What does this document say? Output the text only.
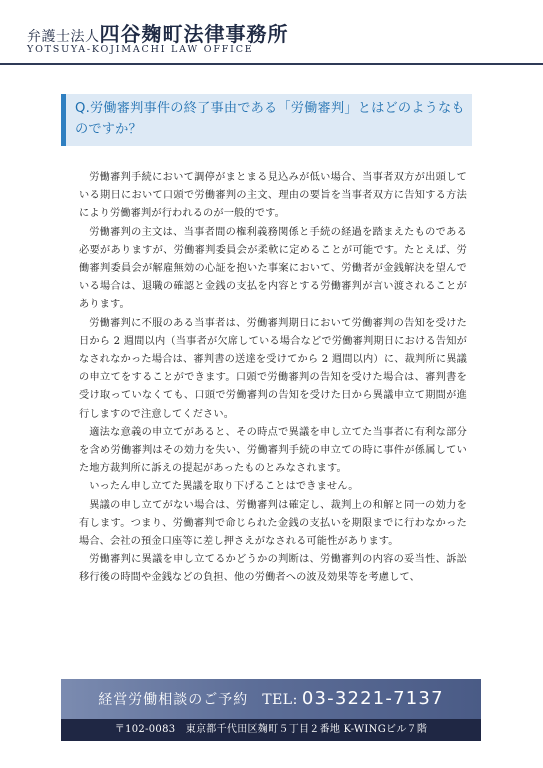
弁護士法人四谷麹町法律事務所
YOTSUYA-KOJIMACHI LAW OFFICE
Q.労働審判事件の終了事由である「労働審判」とはどのようなものですか？

労働審判手続において調停がまとまる見込みが低い場合、当事者双方が出頭している期日において口頭で労働審判の主文、理由の要旨を当事者双方に告知する方法により労働審判が行われるのが一般的です。

労働審判の主文は、当事者間の権利義務関係と手続の経過を踏まえたものである必要がありますが、労働審判委員会が柔軟に定めることが可能です。たとえば、労働審判委員会が解雇無効の心証を抱いた事案において、労働者が金銭解決を望んでいる場合は、退職の確認と金銭の支払を内容とする労働審判が言い渡されることがあります。

労働審判に不服のある当事者は、労働審判期日において労働審判の告知を受けた日から 2 週間以内（当事者が欠席している場合などで労働審判期日における告知がなされなかった場合は、審判書の送達を受けてから 2 週間以内）に、裁判所に異議の申立てをすることができます。口頭で労働審判の告知を受けた場合は、審判書を受け取っていなくても、口頭で労働審判の告知を受けた日から異議申立て期間が進行しますので注意してください。

適法な意義の申立てがあると、その時点で異議を申し立てた当事者に有利な部分を含め労働審判はその効力を失い、労働審判手続の申立ての時に事件が係属していた地方裁判所に訴えの提起があったものとみなされます。

いったん申し立てた異議を取り下げることはできません。

異議の申し立てがない場合は、労働審判は確定し、裁判上の和解と同一の効力を有します。つまり、労働審判で命じられた金銭の支払いを期限までに行わなかった場合、会社の預金口座等に差し押さえがなされる可能性があります。

労働審判に異議を申し立てるかどうかの判断は、労働審判の内容の妥当性、訴訟移行後の時間や金銭などの負担、他の労働者への波及効果等を考慮して、

経営労働相談のご予約 TEL: 03-3221-7137
〒102-0083　東京都千代田区麹町５丁目２番地 K-WINGビル７階
